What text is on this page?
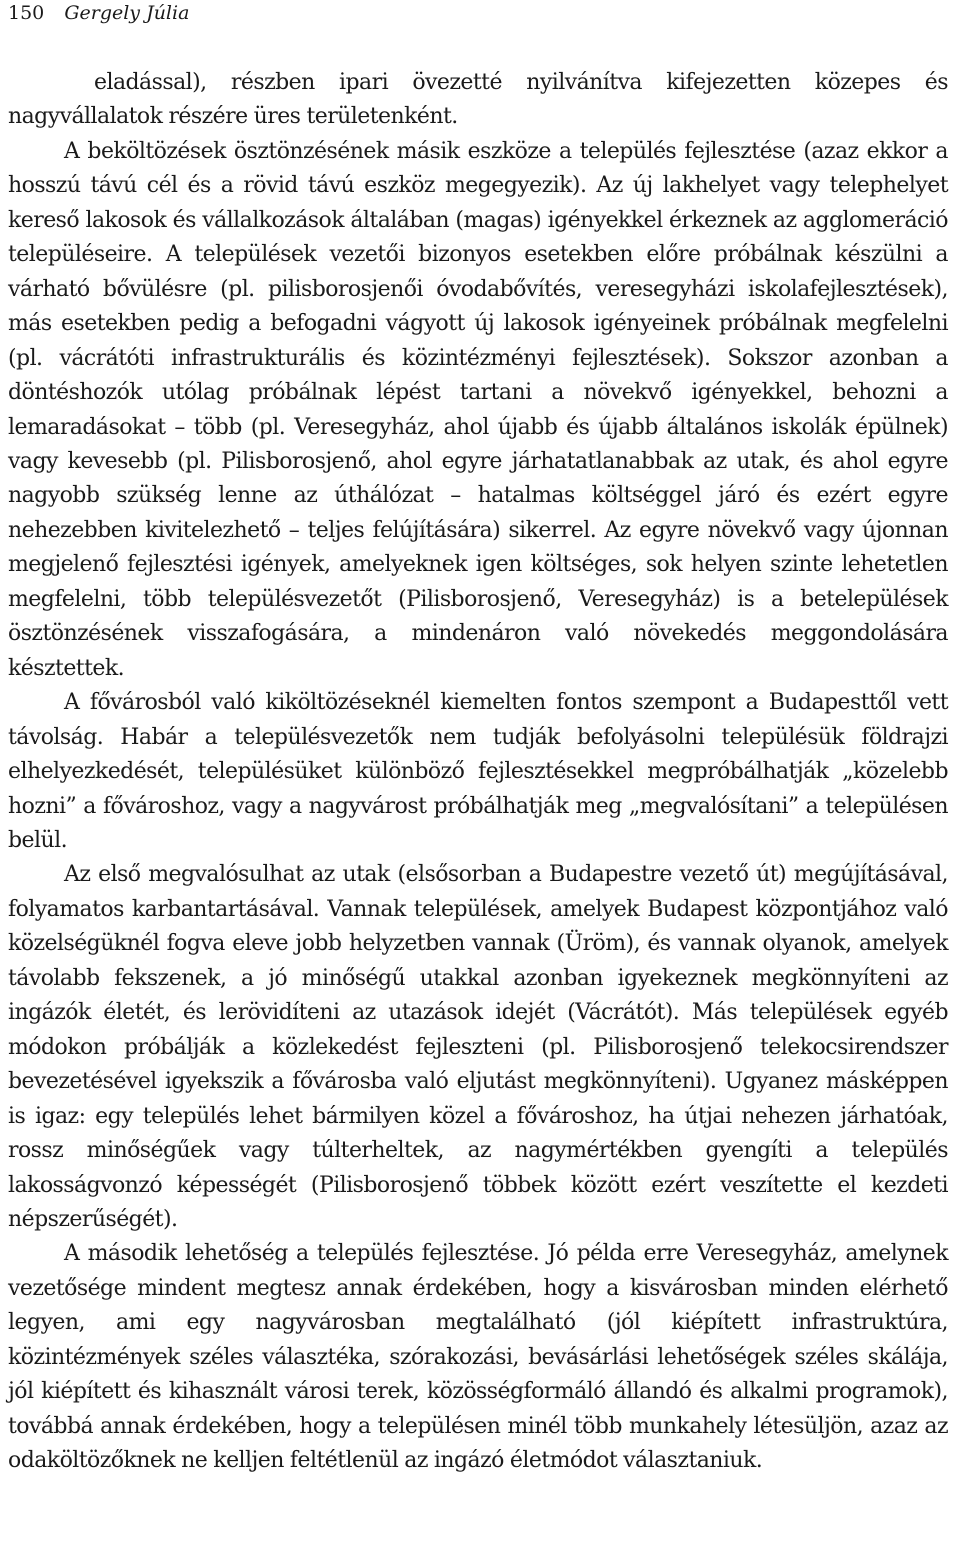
150 Gergely Júlia

eladással), részben ipari övezetté nyilvánítva kifejezetten közepes és nagyvállalatok részére üres területenként.

A beköltözések ösztönzésének másik eszköze a település fejlesztése (azaz ekkor a hosszú távú cél és a rövid távú eszköz megegyezik). Az új lakhelyet vagy telephelyet kereső lakosok és vállalkozások általában (magas) igényekkel érkeznek az agglomeráció településeire. A települések vezetői bizonyos esetekben előre próbálnak készülni a várható bővülésre (pl. pilisborosjenői óvodabővítés, veresegyházi iskolafejlesztések), más esetekben pedig a befogadni vágyott új lakosok igényeinek próbálnak megfelelni (pl. vácrátóti infrastrukturális és közintézményi fejlesztések). Sokszor azonban a döntéshozók utólag próbálnak lépést tartani a növekvő igényekkel, behozni a lemaradásokat – több (pl. Veresegyház, ahol újabb és újabb általános iskolák épülnek) vagy kevesebb (pl. Pilisborosjenő, ahol egyre járhatatlanabbak az utak, és ahol egyre nagyobb szükség lenne az úthálózat – hatalmas költséggel járó és ezért egyre nehezebben kivitelezhető – teljes felújítására) sikerrel. Az egyre növekvő vagy újonnan megjelenő fejlesztési igények, amelyeknek igen költséges, sok helyen szinte lehetetlen megfelelni, több településvezetőt (Pilisborosjenő, Veresegyház) is a betelepülések ösztönzésének visszafogására, a mindenáron való növekedés meggondolására késztettek.

A fővárosból való kiköltözéseknél kiemelten fontos szempont a Budapesttől vett távolság. Habár a településvezetők nem tudják befolyásolni településük földrajzi elhelyezkedését, településüket különböző fejlesztésekkel megpróbálhatják „közelebb hozni” a fővároshoz, vagy a nagyvárost próbálhatják meg „megvalósítani” a településen belül.

Az első megvalósulhat az utak (elsősorban a Budapestre vezető út) megújításával, folyamatos karbantartásával. Vannak települések, amelyek Budapest központjához való közelségüknél fogva eleve jobb helyzetben vannak (Üröm), és vannak olyanok, amelyek távolabb fekszenek, a jó minőségű utakkal azonban igyekeznek megkönnyíteni az ingázók életét, és lerövidíteni az utazások idejét (Vácrátót). Más települések egyéb módokon próbálják a közlekedést fejleszteni (pl. Pilisborosjenő telekocsirendszer bevezetésével igyekszik a fővárosba való eljutást megkönnyíteni). Ugyanez másképpen is igaz: egy település lehet bármilyen közel a fővároshoz, ha útjai nehezen járhatóak, rossz minőségűek vagy túlterheltek, az nagymértékben gyengíti a település lakosságvonzó képességét (Pilisborosjenő többek között ezért veszítette el kezdeti népszerűségét).

A második lehetőség a település fejlesztése. Jó példa erre Veresegyház, amelynek vezetősége mindent megtesz annak érdekében, hogy a kisvárosban minden elérhető legyen, ami egy nagyvárosban megtalálható (jól kiépített infrastruktúra, közintézmények széles választéka, szórakozási, bevásárlási lehetőségek széles skálája, jól kiépített és kihasznált városi terek, közösségformáló állandó és alkalmi programok), továbbá annak érdekében, hogy a településen minél több munkahely létesüljön, azaz az odaköltözőknek ne kelljen feltétlenül az ingázó életmódot választaniuk.
